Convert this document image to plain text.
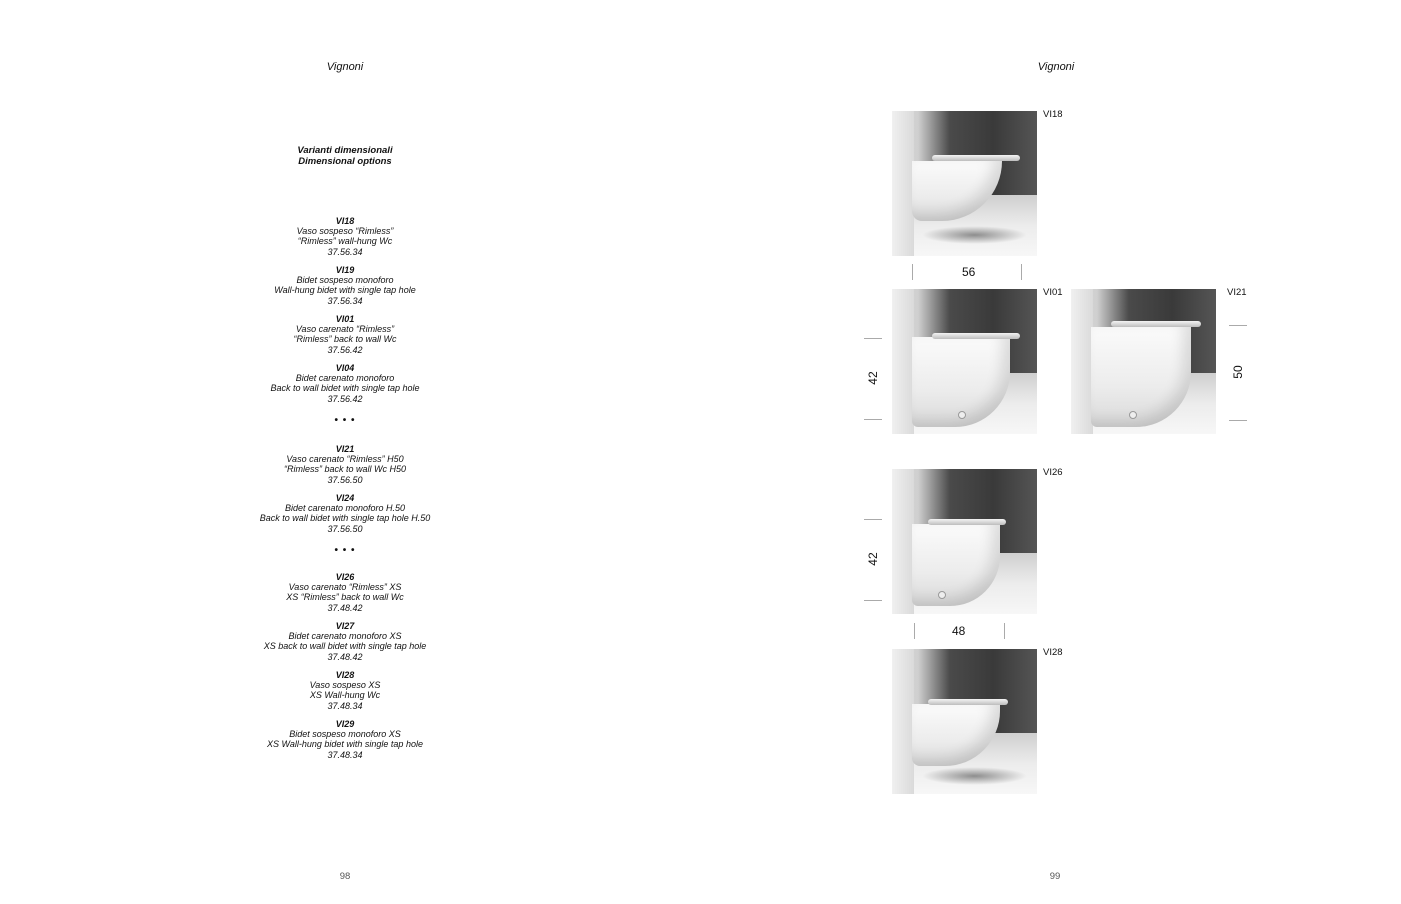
Vignoni
Varianti dimensionali
Dimensional options
VI18
Vaso sospeso “Rimless”
“Rimless” wall-hung Wc
37.56.34
VI19
Bidet sospeso monoforo
Wall-hung bidet with single tap hole
37.56.34
VI01
Vaso carenato “Rimless”
“Rimless” back to wall Wc
37.56.42
VI04
Bidet carenato monoforo
Back to wall bidet with single tap hole
37.56.42
• • •
VI21
Vaso carenato “Rimless” H50
“Rimless” back to wall Wc H50
37.56.50
VI24
Bidet carenato monoforo H.50
Back to wall bidet with single tap hole H.50
37.56.50
• • •
VI26
Vaso carenato “Rimless” XS
XS “Rimless” back to wall Wc
37.48.42
VI27
Bidet carenato monoforo XS
XS back to wall bidet with single tap hole
37.48.42
VI28
Vaso sospeso XS
XS Wall-hung Wc
37.48.34
VI29
Bidet sospeso monoforo XS
XS Wall-hung bidet with single tap hole
37.48.34
98
Vignoni
VI18
56
VI01
42
VI21
50
VI26
42
48
VI28
99
